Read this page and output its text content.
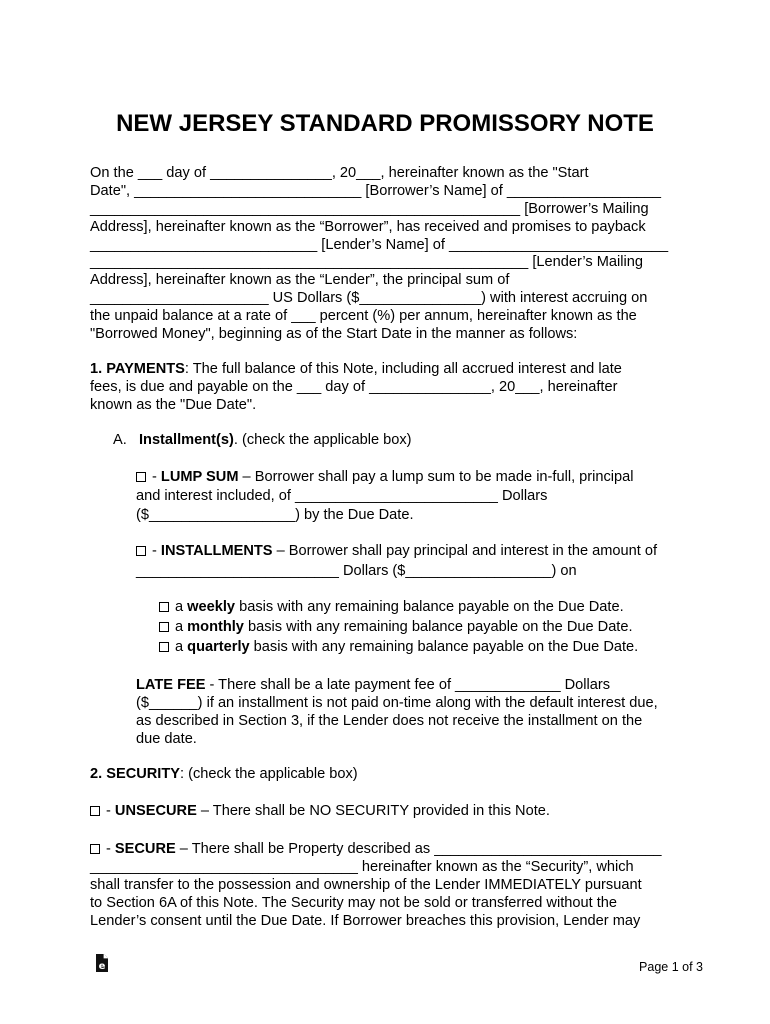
NEW JERSEY STANDARD PROMISSORY NOTE
On the ___ day of _______________, 20___, hereinafter known as the "Start
Date", ____________________________ [Borrower’s Name] of ___________________
_____________________________________________________ [Borrower’s Mailing
Address], hereinafter known as the “Borrower”, has received and promises to payback
____________________________ [Lender’s Name] of ___________________________
______________________________________________________ [Lender’s Mailing
Address], hereinafter known as the “Lender”, the principal sum of
______________________ US Dollars ($_______________) with interest accruing on
the unpaid balance at a rate of ___ percent (%) per annum, hereinafter known as the
"Borrowed Money", beginning as of the Start Date in the manner as follows:
1. PAYMENTS: The full balance of this Note, including all accrued interest and late
fees, is due and payable on the ___ day of _______________, 20___, hereinafter
known as the "Due Date".
A. Installment(s). (check the applicable box)
- LUMP SUM – Borrower shall pay a lump sum to be made in-full, principal
and interest included, of _________________________ Dollars
($__________________) by the Due Date.
- INSTALLMENTS – Borrower shall pay principal and interest in the amount of
_________________________ Dollars ($__________________) on
a weekly basis with any remaining balance payable on the Due Date.
a monthly basis with any remaining balance payable on the Due Date.
a quarterly basis with any remaining balance payable on the Due Date.
LATE FEE - There shall be a late payment fee of _____________ Dollars
($______) if an installment is not paid on-time along with the default interest due,
as described in Section 3, if the Lender does not receive the installment on the
due date.
2. SECURITY: (check the applicable box)
- UNSECURE – There shall be NO SECURITY provided in this Note.
- SECURE – There shall be Property described as ____________________________
_________________________________ hereinafter known as the “Security”, which
shall transfer to the possession and ownership of the Lender IMMEDIATELY pursuant
to Section 6A of this Note. The Security may not be sold or transferred without the
Lender’s consent until the Due Date. If Borrower breaches this provision, Lender may
e	Page 1 of 3
